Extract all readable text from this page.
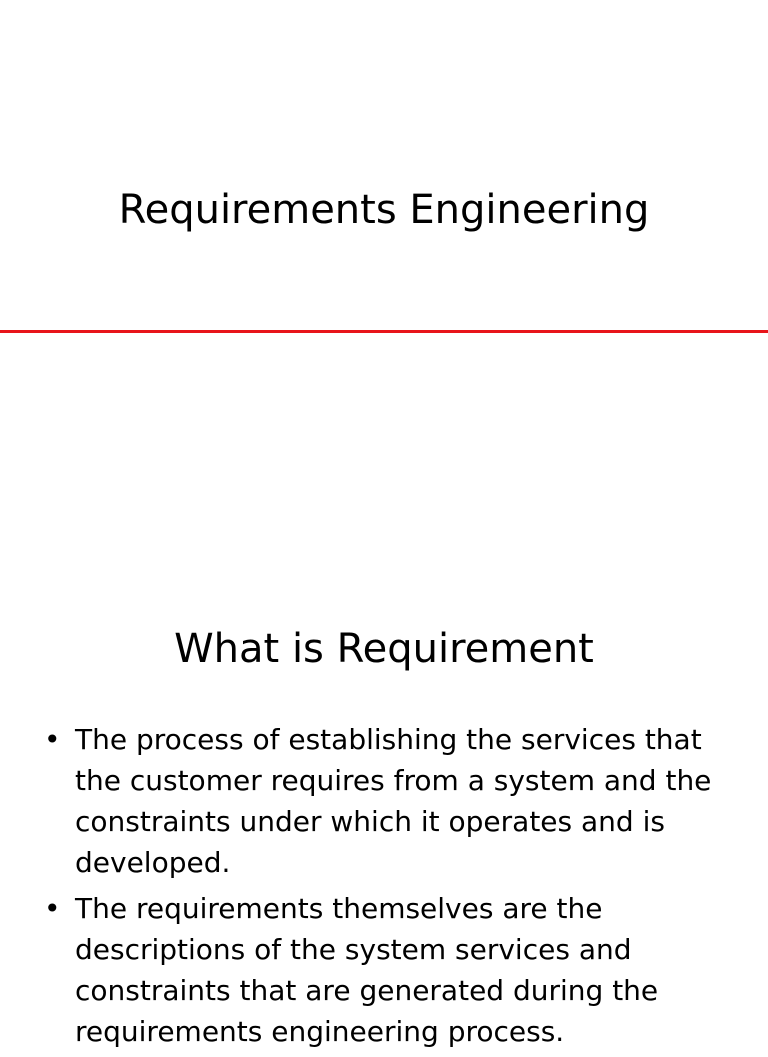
Requirements Engineering
What is Requirement
• The process of establishing the services that the customer requires from a system and the constraints under which it operates and is developed.
• The requirements themselves are the descriptions of the system services and constraints that are generated during the requirements engineering process.
